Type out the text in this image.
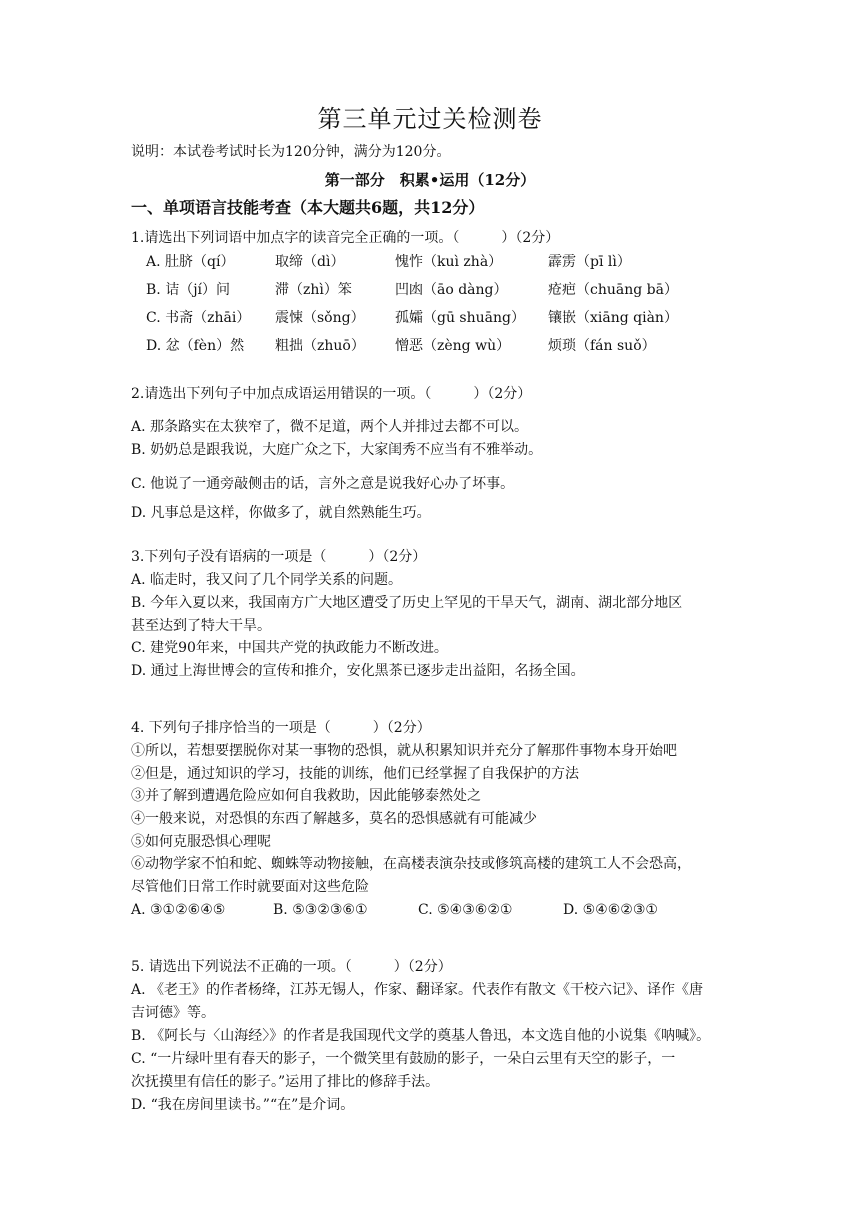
第三单元过关检测卷
说明：本试卷考试时长为120分钟，满分为120分。
第一部分　积累•运用（12分）
一、单项语言技能考查（本大题共6题，共12分）
1.请选出下列词语中加点字的读音完全正确的一项。（　　　）（2分）
A. 肚脐（qí）	取缔（dì）	愧怍（kuì zhà）	霹雳（pī lì）
B. 诘（jí）问	滞（zhì）笨	凹凼（āo dàng）	疮疤（chuāng bā）
C. 书斋（zhāi） 震悚（sǒng） 孤孀（gū shuāng） 镶嵌（xiāng qiàn）
D. 忿（fèn）然 粗拙（zhuō） 憎恶（zèng wù）	烦琐（fán suǒ）
2.请选出下列句子中加点成语运用错误的一项。（　　　）（2分）
A. 那条路实在太狭窄了，微不足道，两个人并排过去都不可以。
B. 奶奶总是跟我说，大庭广众之下，大家闺秀不应当有不雅举动。
C. 他说了一通旁敲侧击的话，言外之意是说我好心办了坏事。
D. 凡事总是这样，你做多了，就自然熟能生巧。
3.下列句子没有语病的一项是（　　　）（2分）
A. 临走时，我又问了几个同学关系的问题。
B. 今年入夏以来，我国南方广大地区遭受了历史上罕见的干旱天气，湖南、湖北部分地区
甚至达到了特大干旱。
C. 建党90年来，中国共产党的执政能力不断改进。
D. 通过上海世博会的宣传和推介，安化黑茶已逐步走出益阳，名扬全国。
4. 下列句子排序恰当的一项是（　　　）（2分）
①所以，若想要摆脱你对某一事物的恐惧，就从积累知识并充分了解那件事物本身开始吧
②但是，通过知识的学习，技能的训练，他们已经掌握了自我保护的方法
③并了解到遭遇危险应如何自我救助，因此能够泰然处之
④一般来说，对恐惧的东西了解越多，莫名的恐惧感就有可能减少
⑤如何克服恐惧心理呢
⑥动物学家不怕和蛇、蜘蛛等动物接触，在高楼表演杂技或修筑高楼的建筑工人不会恐高，
尽管他们日常工作时就要面对这些危险
A. ③①②⑥④⑤	B. ⑤③②③⑥①	C. ⑤④③⑥②①	D. ⑤④⑥②③①
5. 请选出下列说法不正确的一项。（　　　）（2分）
A. 《老王》的作者杨绛，江苏无锡人，作家、翻译家。代表作有散文《干校六记》、译作《唐
吉诃德》等。
B. 《阿长与〈山海经〉》的作者是我国现代文学的奠基人鲁迅，本文选自他的小说集《呐喊》。
C. “一片绿叶里有春天的影子，一个微笑里有鼓励的影子，一朵白云里有天空的影子，一
次抚摸里有信任的影子。”运用了排比的修辞手法。
D. “我在房间里读书。”“在”是介词。
